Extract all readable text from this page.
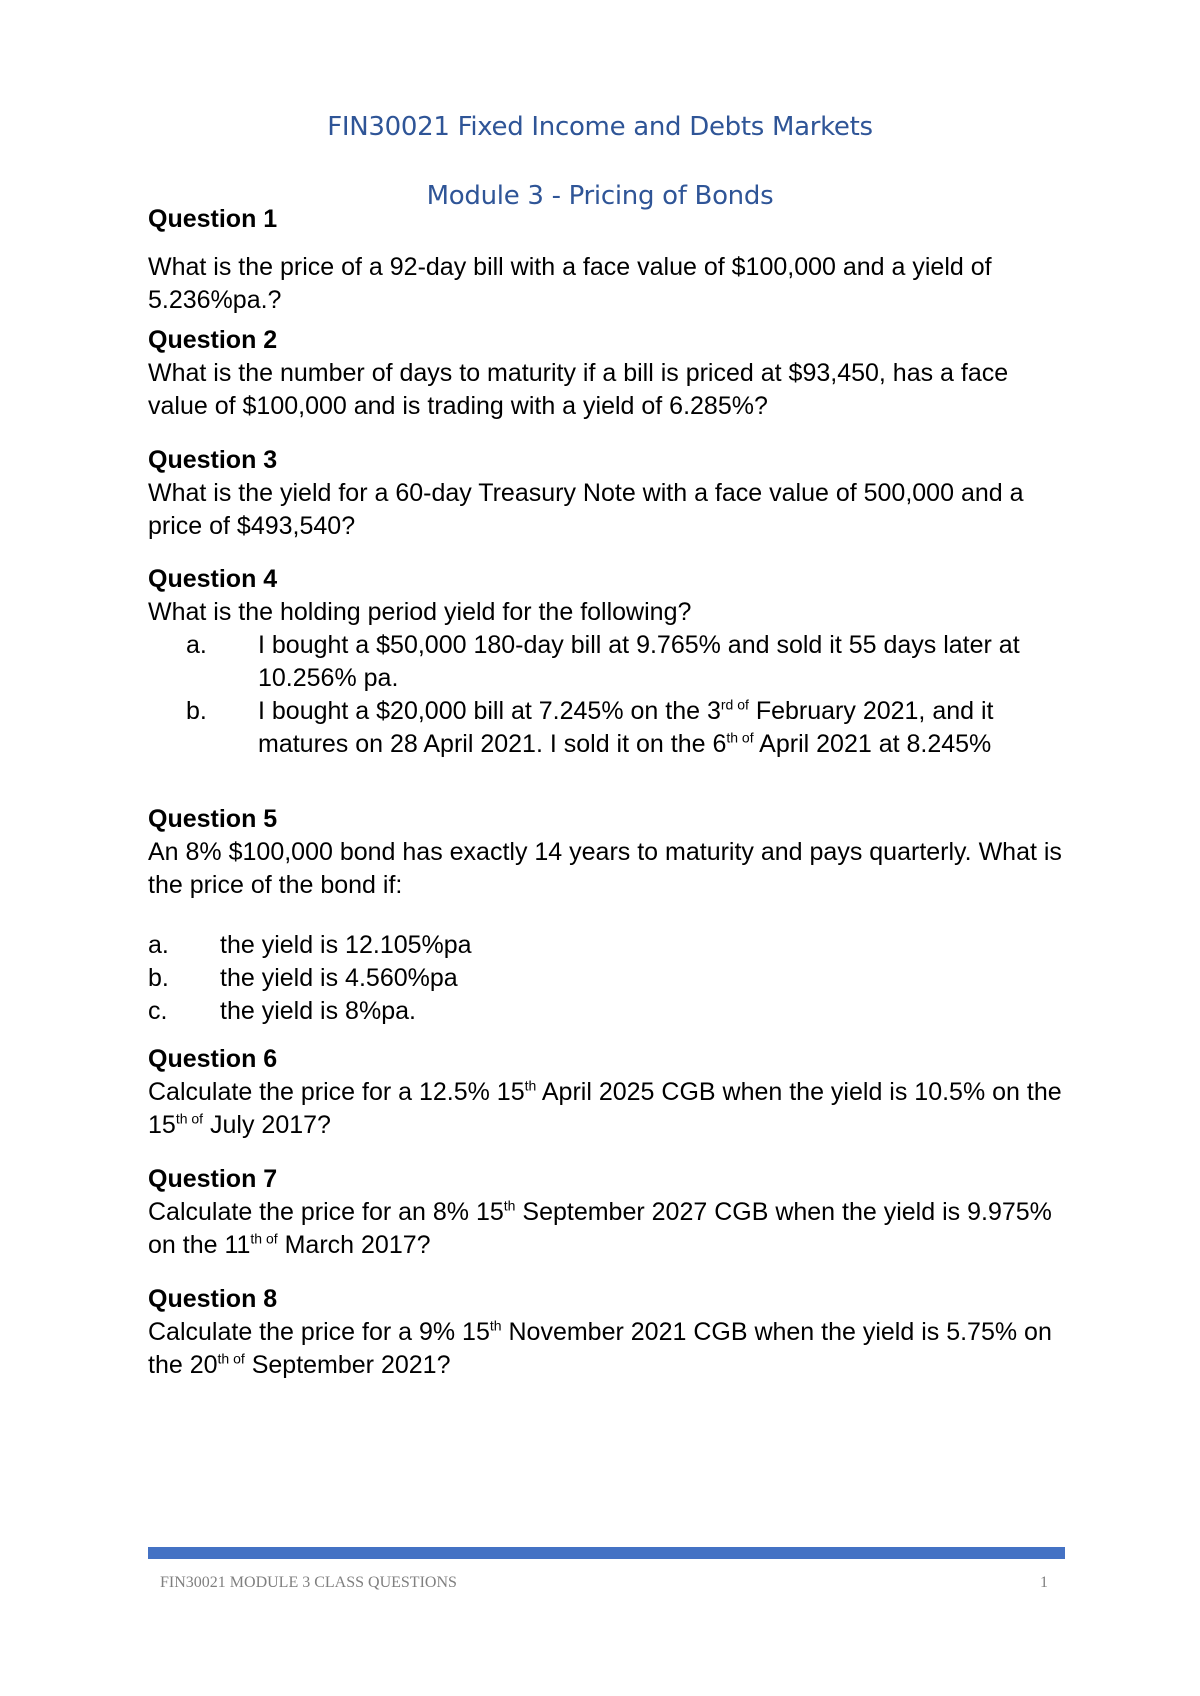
FIN30021 Fixed Income and Debts Markets
Module 3 - Pricing of Bonds
Question 1
What is the price of a 92-day bill with a face value of $100,000 and a yield of 5.236%pa.?
Question 2
What is the number of days to maturity if a bill is priced at $93,450, has a face value of $100,000 and is trading with a yield of 6.285%?
Question 3
What is the yield for a 60-day Treasury Note with a face value of 500,000 and a price of $493,540?
Question 4
What is the holding period yield for the following?
a.	I bought a $50,000 180-day bill at 9.765% and sold it 55 days later at 10.256% pa.
b.	I bought a $20,000 bill at 7.245% on the $3^{rd of}$ February 2021, and it matures on 28 April 2021. I sold it on the $6^{th of}$ April 2021 at 8.245%
Question 5
An 8% $100,000 bond has exactly 14 years to maturity and pays quarterly. What is the price of the bond if:
a.	the yield is 12.105%pa
b.	the yield is 4.560%pa
c.	the yield is 8%pa.
Question 6
Calculate the price for a 12.5% 15th April 2025 CGB when the yield is 10.5% on the $15^{th of}$ July 2017?
Question 7
Calculate the price for an 8% 15th September 2027 CGB when the yield is 9.975% on the $11^{th of}$ March 2017?
Question 8
Calculate the price for a 9% 15th November 2021 CGB when the yield is 5.75% on the $20^{th of}$ September 2021?
FIN30021 MODULE 3 CLASS QUESTIONS	1
